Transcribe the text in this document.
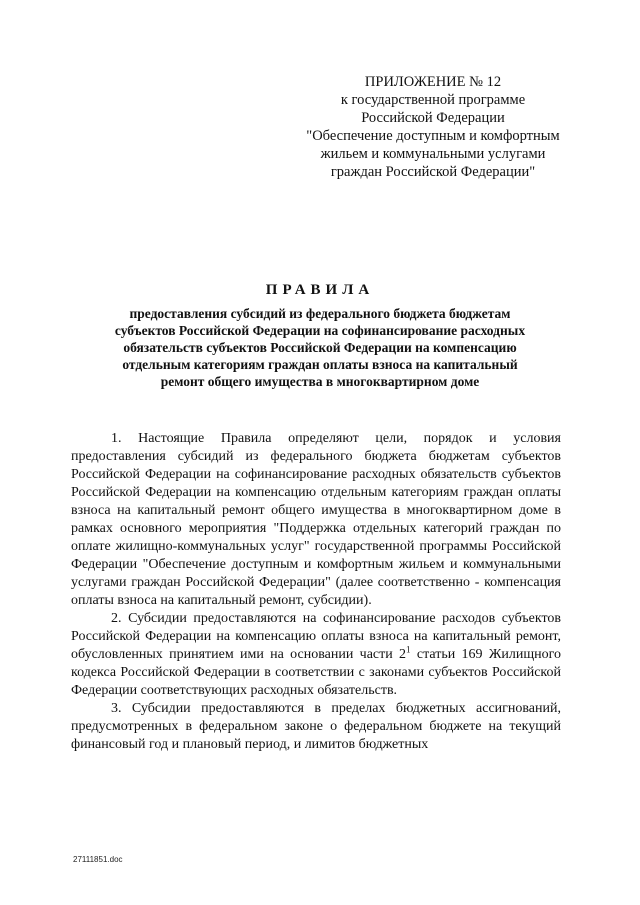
ПРИЛОЖЕНИЕ № 12
к государственной программе
Российской Федерации
"Обеспечение доступным и комфортным
жильем и коммунальными услугами
граждан Российской Федерации"
ПРАВИЛА
предоставления субсидий из федерального бюджета бюджетам
субъектов Российской Федерации на софинансирование расходных
обязательств субъектов Российской Федерации на компенсацию
отдельным категориям граждан оплаты взноса на капитальный
ремонт общего имущества в многоквартирном доме

1. Настоящие Правила определяют цели, порядок и условия предоставления субсидий из федерального бюджета бюджетам субъектов Российской Федерации на софинансирование расходных обязательств субъектов Российской Федерации на компенсацию отдельным категориям граждан оплаты взноса на капитальный ремонт общего имущества в многоквартирном доме в рамках основного мероприятия "Поддержка отдельных категорий граждан по оплате жилищно-коммунальных услуг" государственной программы Российской Федерации "Обеспечение доступным и комфортным жильем и коммунальными услугами граждан Российской Федерации" (далее соответственно - компенсация оплаты взноса на капитальный ремонт, субсидии).

2. Субсидии предоставляются на софинансирование расходов субъектов Российской Федерации на компенсацию оплаты взноса на капитальный ремонт, обусловленных принятием ими на основании части $2^1$ статьи 169 Жилищного кодекса Российской Федерации в соответствии с законами субъектов Российской Федерации соответствующих расходных обязательств.

3. Субсидии предоставляются в пределах бюджетных ассигнований, предусмотренных в федеральном законе о федеральном бюджете на текущий финансовый год и плановый период, и лимитов бюджетных

27111851.doc
